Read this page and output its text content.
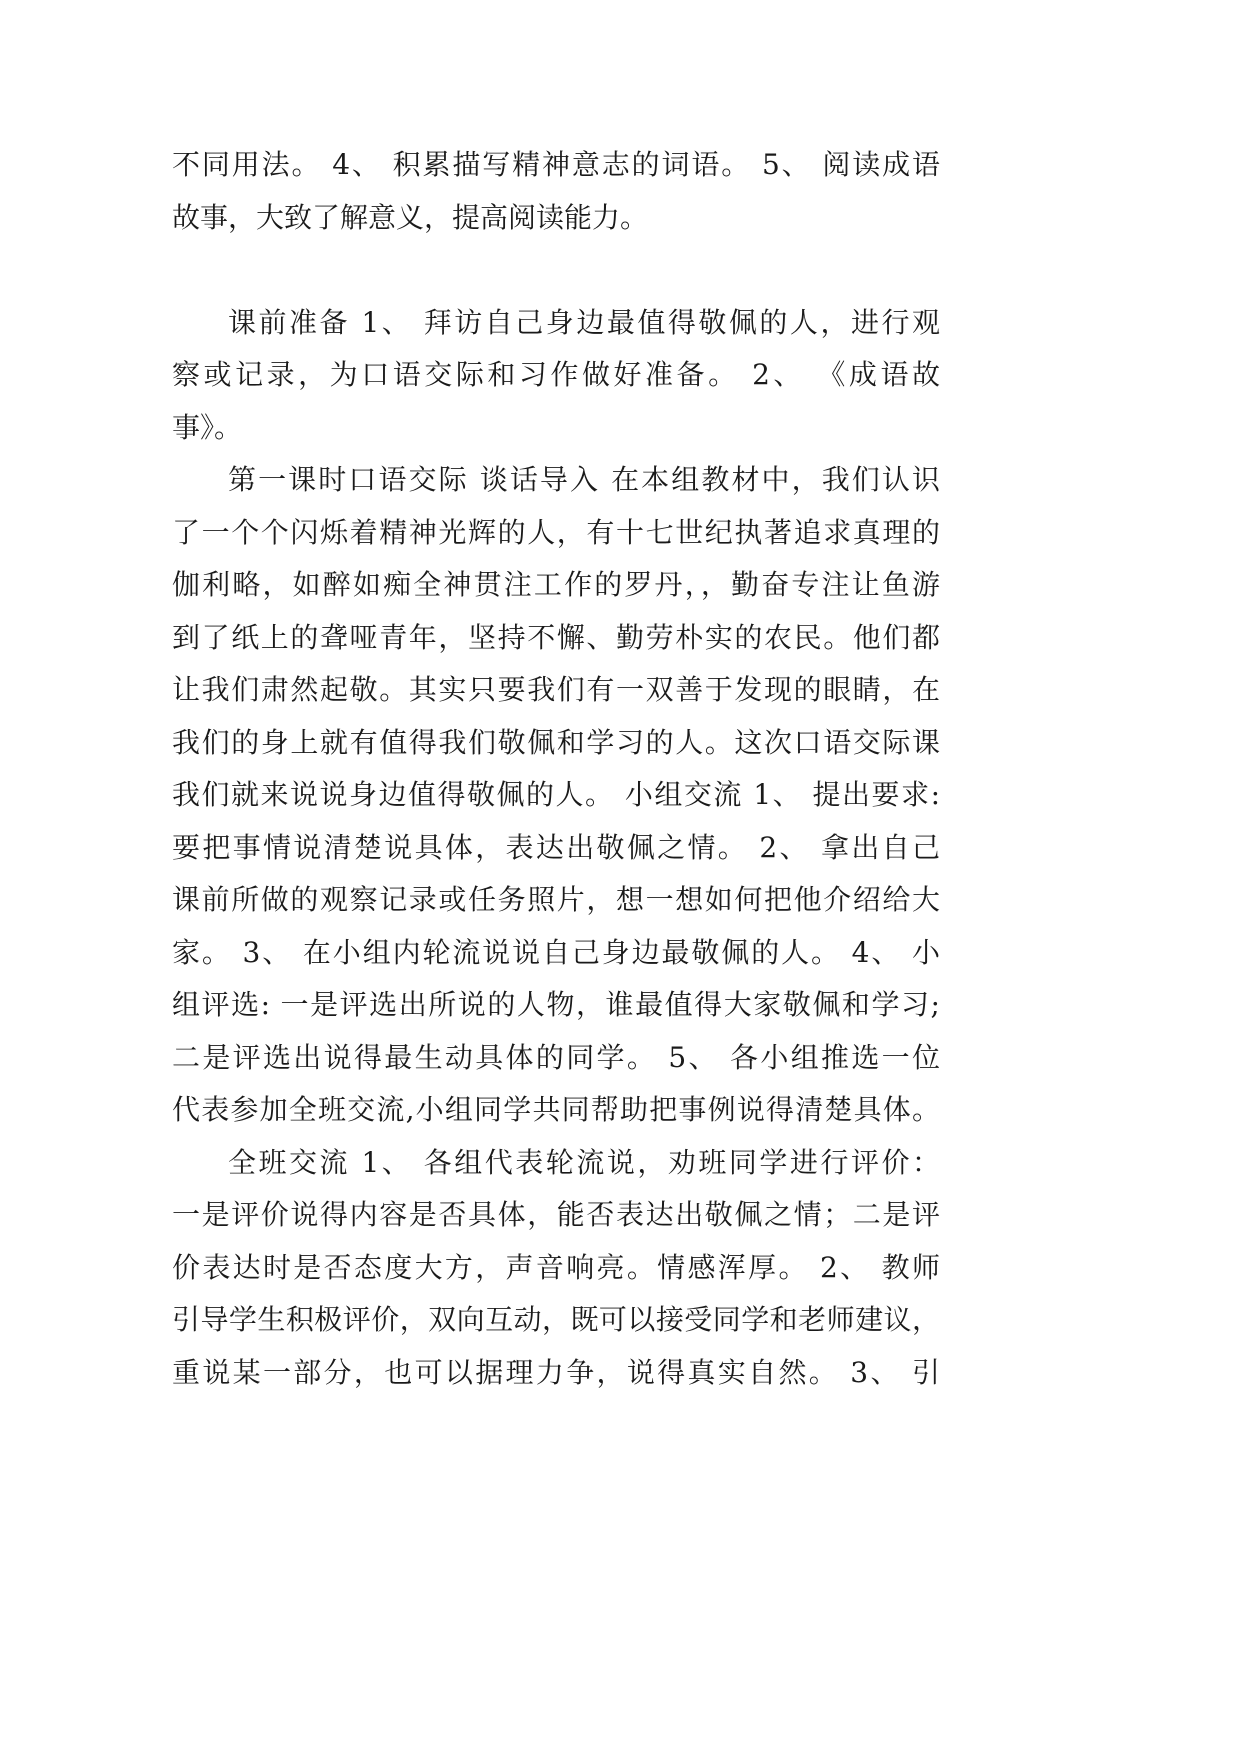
不同用法。 4、 积累描写精神意志的词语。 5、 阅读成语
故事，大致了解意义，提高阅读能力。
课前准备 1、 拜访自己身边最值得敬佩的人，进行观
察或记录，为口语交际和习作做好准备。 2、 《成语故
事》。
第一课时口语交际 谈话导入 在本组教材中，我们认识
了一个个闪烁着精神光辉的人，有十七世纪执著追求真理的
伽利略，如醉如痴全神贯注工作的罗丹，，勤奋专注让鱼游
到了纸上的聋哑青年，坚持不懈、勤劳朴实的农民。他们都
让我们肃然起敬。其实只要我们有一双善于发现的眼睛，在
我们的身上就有值得我们敬佩和学习的人。这次口语交际课
我们就来说说身边值得敬佩的人。 小组交流 1、 提出要求:
要把事情说清楚说具体，表达出敬佩之情。 2、 拿出自己
课前所做的观察记录或任务照片，想一想如何把他介绍给大
家。 3、 在小组内轮流说说自己身边最敬佩的人。 4、 小
组评选: 一是评选出所说的人物，谁最值得大家敬佩和学习;
二是评选出说得最生动具体的同学。 5、 各小组推选一位
代表参加全班交流,小组同学共同帮助把事例说得清楚具体。
全班交流 1、 各组代表轮流说，劝班同学进行评价：
一是评价说得内容是否具体，能否表达出敬佩之情；二是评
价表达时是否态度大方，声音响亮。情感浑厚。 2、 教师
引导学生积极评价，双向互动，既可以接受同学和老师建议，
重说某一部分，也可以据理力争，说得真实自然。 3、 引
